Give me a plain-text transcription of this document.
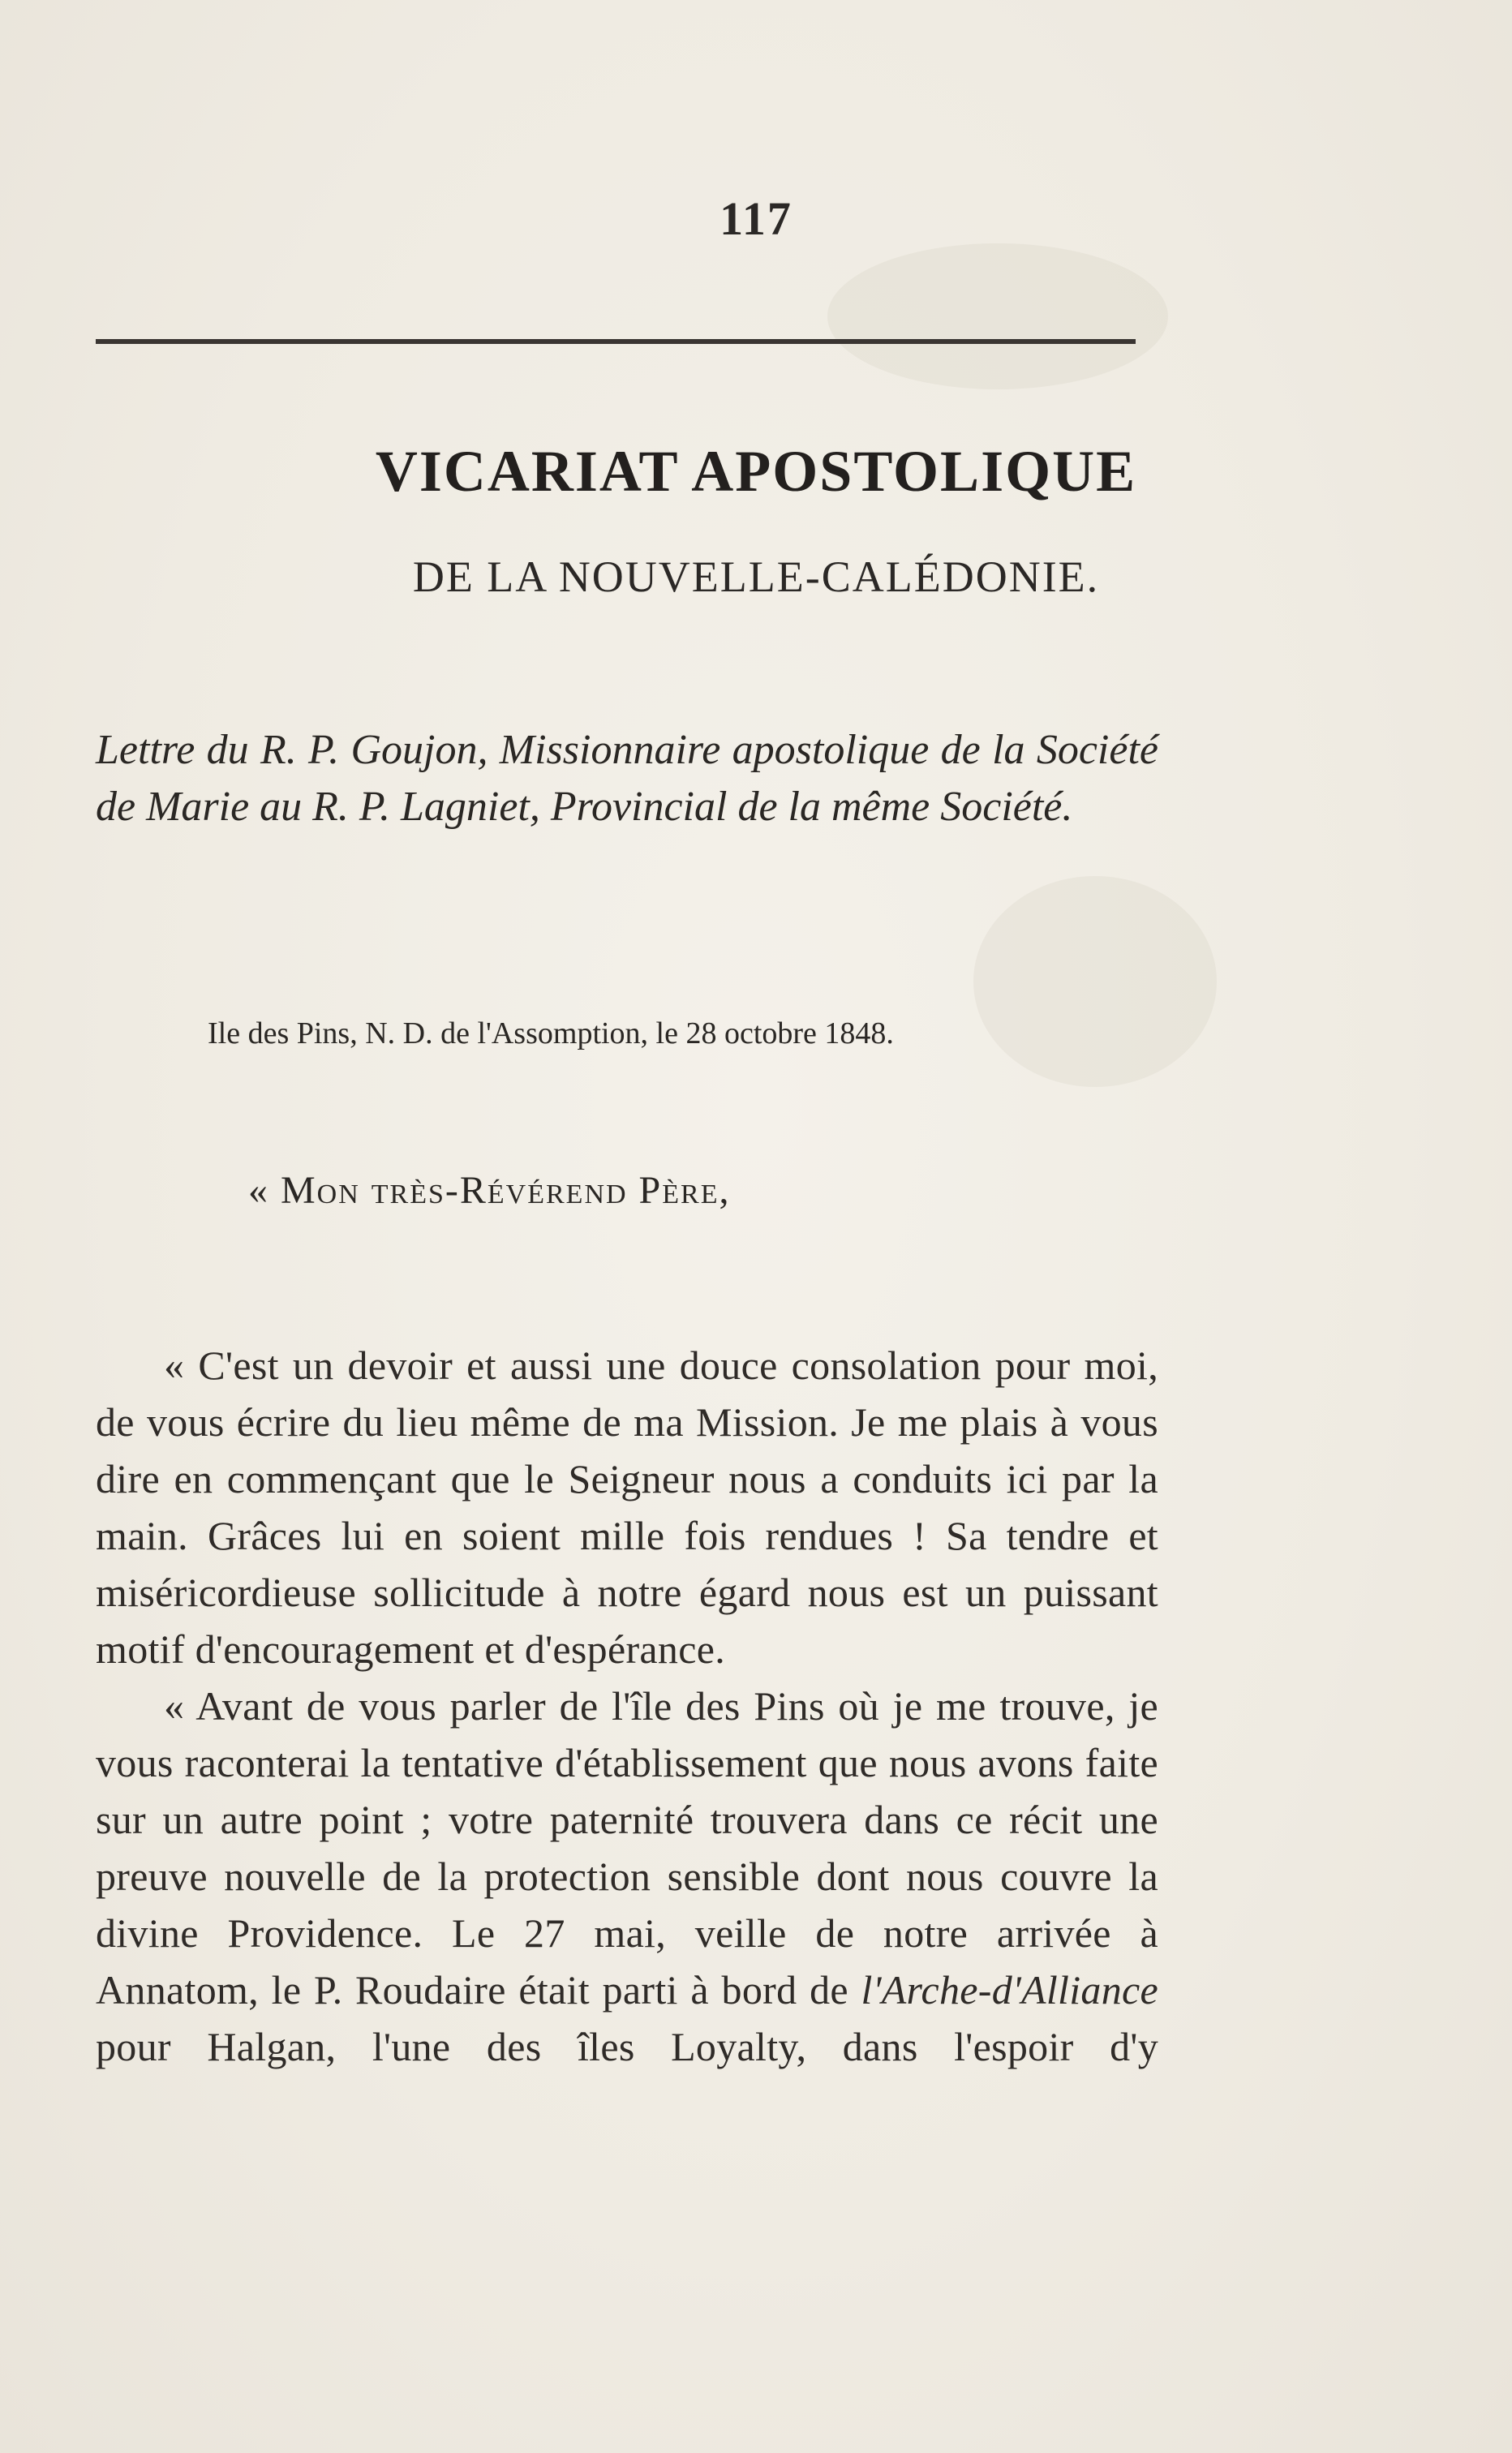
117
VICARIAT APOSTOLIQUE
DE LA NOUVELLE-CALÉDONIE.
Lettre du R. P. Goujon, Missionnaire apostolique de la Société de Marie au R. P. Lagniet, Provincial de la même Société.
Ile des Pins, N. D. de l'Assomption, le 28 octobre 1848.
« Mon très-Révérend Père,

« C'est un devoir et aussi une douce consolation pour moi, de vous écrire du lieu même de ma Mission. Je me plais à vous dire en commençant que le Seigneur nous a conduits ici par la main. Grâces lui en soient mille fois rendues ! Sa tendre et miséricordieuse sollicitude à notre égard nous est un puissant motif d'encouragement et d'espérance.

« Avant de vous parler de l'île des Pins où je me trouve, je vous raconterai la tentative d'établissement que nous avons faite sur un autre point ; votre paternité trouvera dans ce récit une preuve nouvelle de la protection sensible dont nous couvre la divine Providence. Le 27 mai, veille de notre arrivée à Annatom, le P. Roudaire était parti à bord de l'Arche-d'Alliance pour Halgan, l'une des îles Loyalty, dans l'espoir d'y
